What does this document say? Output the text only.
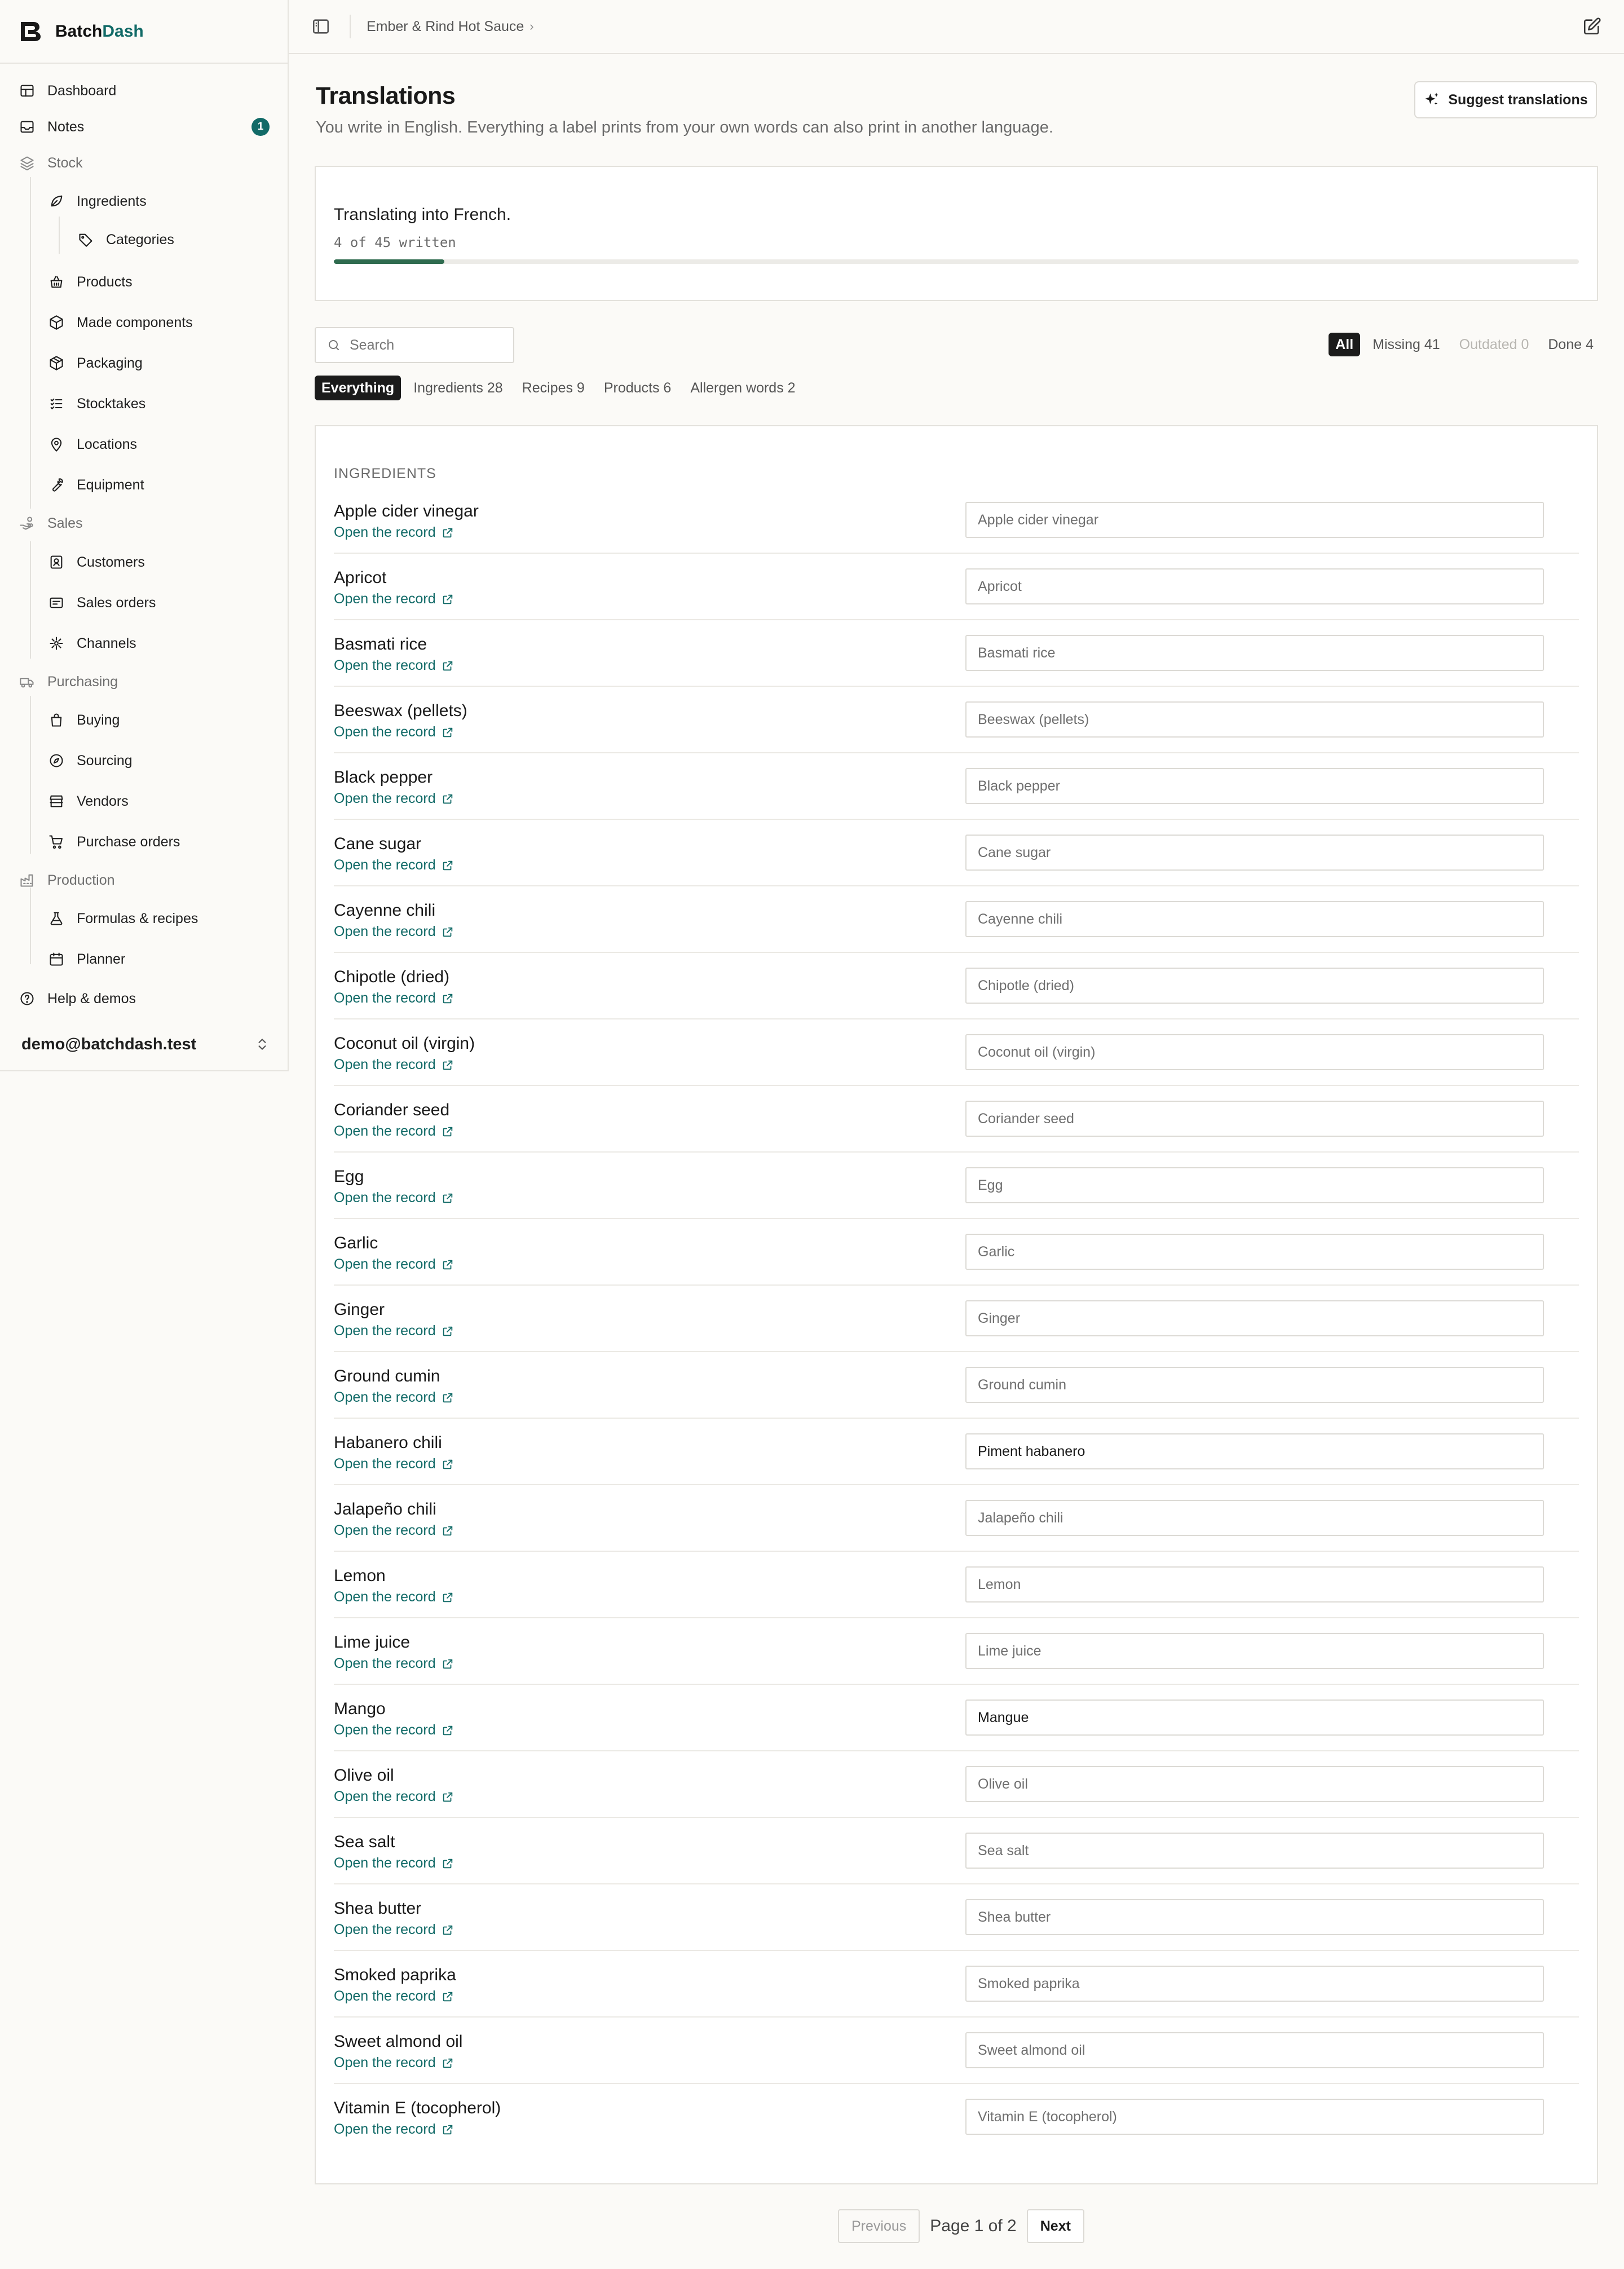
BatchDash
Dashboard
Notes	1
Stock
Ingredients
Categories
Products
Made components
Packaging
Stocktakes
Locations
Equipment
Sales
Customers
Sales orders
Channels
Purchasing
Buying
Sourcing
Vendors
Purchase orders
Production
Formulas & recipes
Planner
Help & demos
demo@batchdash.test
Ember & Rind Hot Sauce ›
Translations

You write in English. Everything a label prints from your own words can also print in another language.

Suggest translations
Translating into French.
4 of 45 written
Search
All	Missing 41	Outdated 0	Done 4
Everything	Ingredients 28	Recipes 9	Products 6	Allergen words 2
INGREDIENTS
Apple cider vinegar
Open the record
Apple cider vinegar
Apricot
Open the record
Apricot
Basmati rice
Open the record
Basmati rice
Beeswax (pellets)
Open the record
Beeswax (pellets)
Black pepper
Open the record
Black pepper
Cane sugar
Open the record
Cane sugar
Cayenne chili
Open the record
Cayenne chili
Chipotle (dried)
Open the record
Chipotle (dried)
Coconut oil (virgin)
Open the record
Coconut oil (virgin)
Coriander seed
Open the record
Coriander seed
Egg
Open the record
Egg
Garlic
Open the record
Garlic
Ginger
Open the record
Ginger
Ground cumin
Open the record
Ground cumin
Habanero chili
Open the record
Piment habanero
Jalapeño chili
Open the record
Jalapeño chili
Lemon
Open the record
Lemon
Lime juice
Open the record
Lime juice
Mango
Open the record
Mangue
Olive oil
Open the record
Olive oil
Sea salt
Open the record
Sea salt
Shea butter
Open the record
Shea butter
Smoked paprika
Open the record
Smoked paprika
Sweet almond oil
Open the record
Sweet almond oil
Vitamin E (tocopherol)
Open the record
Vitamin E (tocopherol)
Previous	Page 1 of 2	Next
